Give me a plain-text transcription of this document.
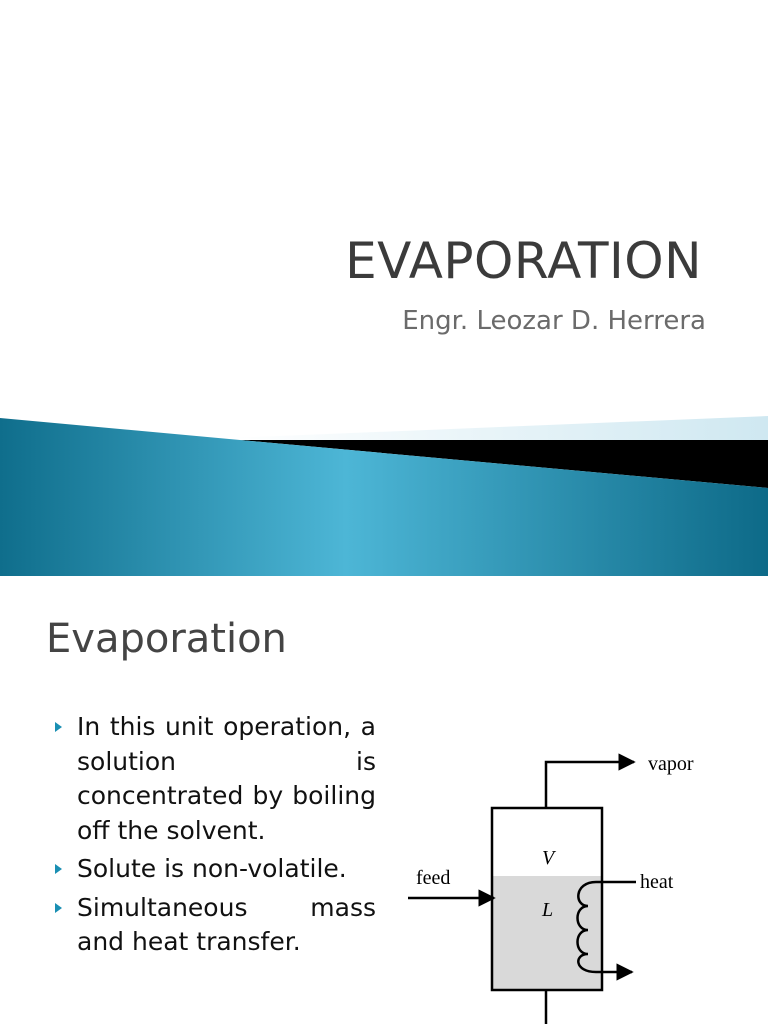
EVAPORATION
Engr. Leozar D. Herrera
Evaporation
In this unit operation, a solution is concentrated by boiling off the solvent.
Solute is non-volatile.
Simultaneous mass and heat transfer.
vapor
feed
V
L
heat
